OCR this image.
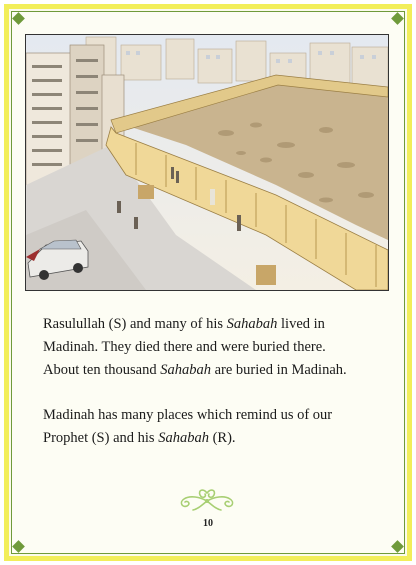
Rasulullah (S) and many of his Sahabah lived in
Madinah. They died there and were buried there.
About ten thousand Sahabah are buried in Madinah.
Madinah has many places which remind us of our
Prophet (S) and his Sahabah (R).
10
